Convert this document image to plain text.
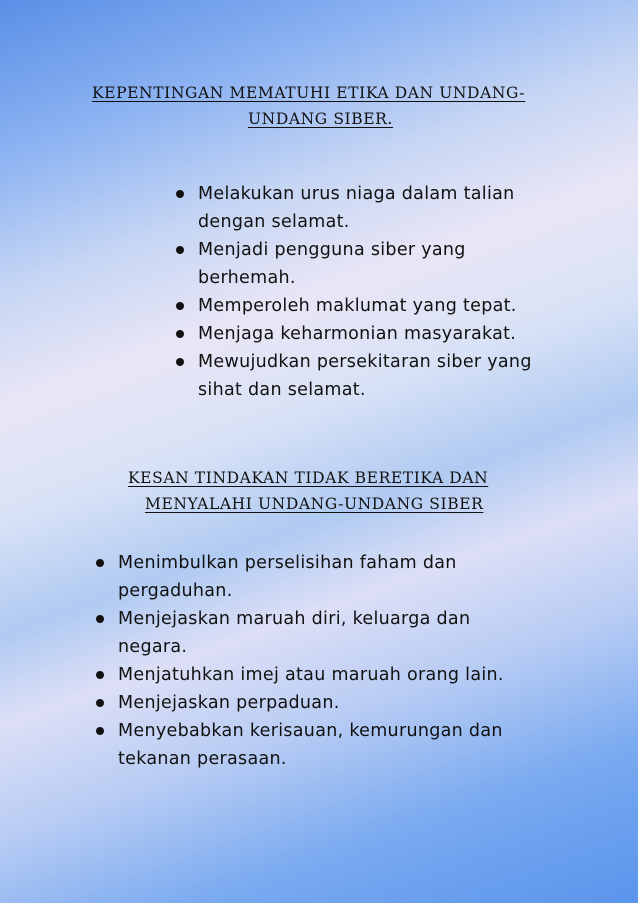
KEPENTINGAN MEMATUHI ETIKA DAN UNDANG-
UNDANG SIBER.
Melakukan urus niaga dalam talian
dengan selamat.
Menjadi pengguna siber yang
berhemah.
Memperoleh maklumat yang tepat.
Menjaga keharmonian masyarakat.
Mewujudkan persekitaran siber yang
sihat dan selamat.
KESAN TINDAKAN TIDAK BERETIKA DAN
MENYALAHI UNDANG-UNDANG SIBER
Menimbulkan perselisihan faham dan
pergaduhan.
Menjejaskan maruah diri, keluarga dan
negara.
Menjatuhkan imej atau maruah orang lain.
Menjejaskan perpaduan.
Menyebabkan kerisauan, kemurungan dan
tekanan perasaan.
